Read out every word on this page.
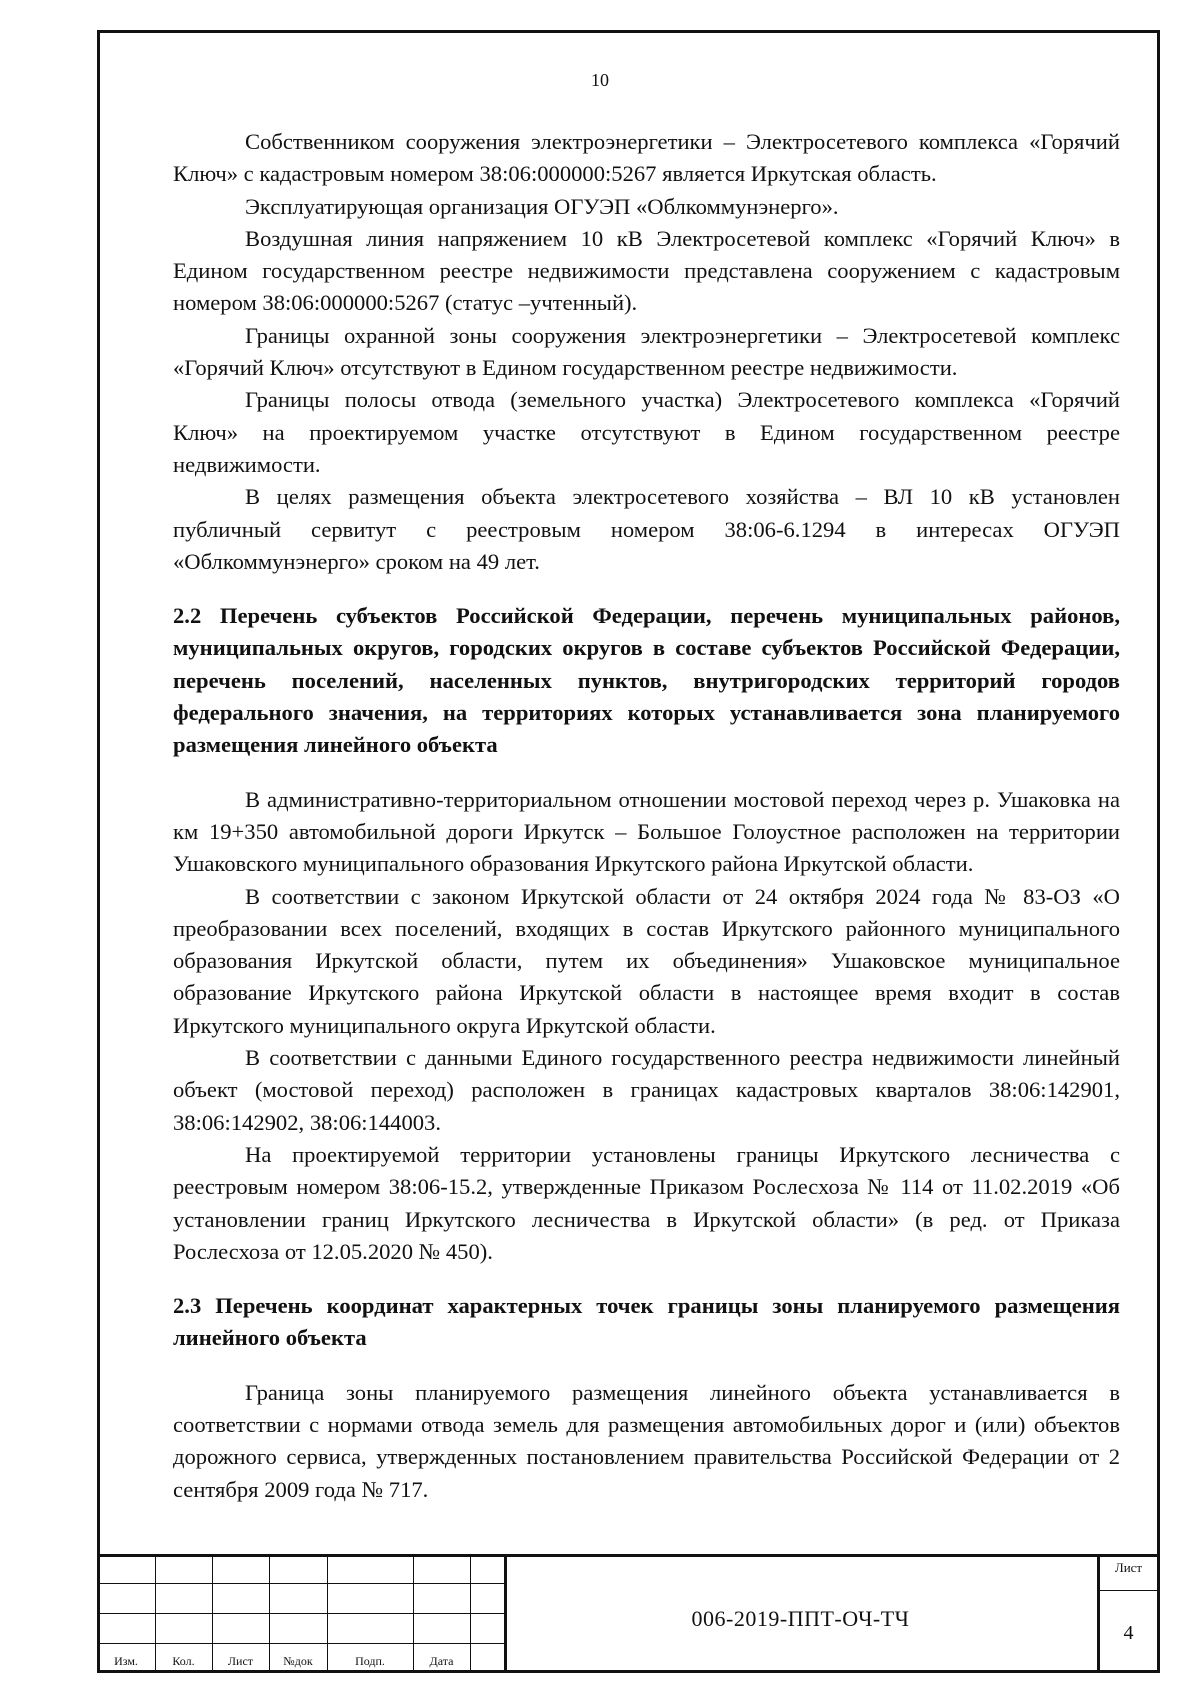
10

Собственником сооружения электроэнергетики – Электросетевого комплекса «Горячий Ключ» с кадастровым номером 38:06:000000:5267 является Иркутская область.

Эксплуатирующая организация ОГУЭП «Облкоммунэнерго».

Воздушная линия напряжением 10 кВ Электросетевой комплекс «Горячий Ключ» в Едином государственном реестре недвижимости представлена сооружением с кадастровым номером 38:06:000000:5267 (статус –учтенный).

Границы охранной зоны сооружения электроэнергетики – Электросетевой комплекс «Горячий Ключ» отсутствуют в Едином государственном реестре недвижимости.

Границы полосы отвода (земельного участка) Электросетевого комплекса «Горячий Ключ» на проектируемом участке отсутствуют в Едином государственном реестре недвижимости.

В целях размещения объекта электросетевого хозяйства – ВЛ 10 кВ установлен публичный сервитут с реестровым номером 38:06-6.1294 в интересах ОГУЭП «Облкоммунэнерго» сроком на 49 лет.

2.2 Перечень субъектов Российской Федерации, перечень муниципальных районов, муниципальных округов, городских округов в составе субъектов Российской Федерации, перечень поселений, населенных пунктов, внутригородских территорий городов федерального значения, на территориях которых устанавливается зона планируемого размещения линейного объекта

В административно-территориальном отношении мостовой переход через р. Ушаковка на км 19+350 автомобильной дороги Иркутск – Большое Голоустное расположен на территории Ушаковского муниципального образования Иркутского района Иркутской области.

В соответствии с законом Иркутской области от 24 октября 2024 года № 83-ОЗ «О преобразовании всех поселений, входящих в состав Иркутского районного муниципального образования Иркутской области, путем их объединения» Ушаковское муниципальное образование Иркутского района Иркутской области в настоящее время входит в состав Иркутского муниципального округа Иркутской области.

В соответствии с данными Единого государственного реестра недвижимости линейный объект (мостовой переход) расположен в границах кадастровых кварталов 38:06:142901, 38:06:142902, 38:06:144003.

На проектируемой территории установлены границы Иркутского лесничества с реестровым номером 38:06-15.2, утвержденные Приказом Рослесхоза № 114 от 11.02.2019 «Об установлении границ Иркутского лесничества в Иркутской области» (в ред. от Приказа Рослесхоза от 12.05.2020 № 450).

2.3 Перечень координат характерных точек границы зоны планируемого размещения линейного объекта

Граница зоны планируемого размещения линейного объекта устанавливается в соответствии с нормами отвода земель для размещения автомобильных дорог и (или) объектов дорожного сервиса, утвержденных постановлением правительства Российской Федерации от 2 сентября 2009 года № 717.

Изм.	Кол.	Лист	№док	Подп.	Дата
006-2019-ППТ-ОЧ-ТЧ
Лист
4
